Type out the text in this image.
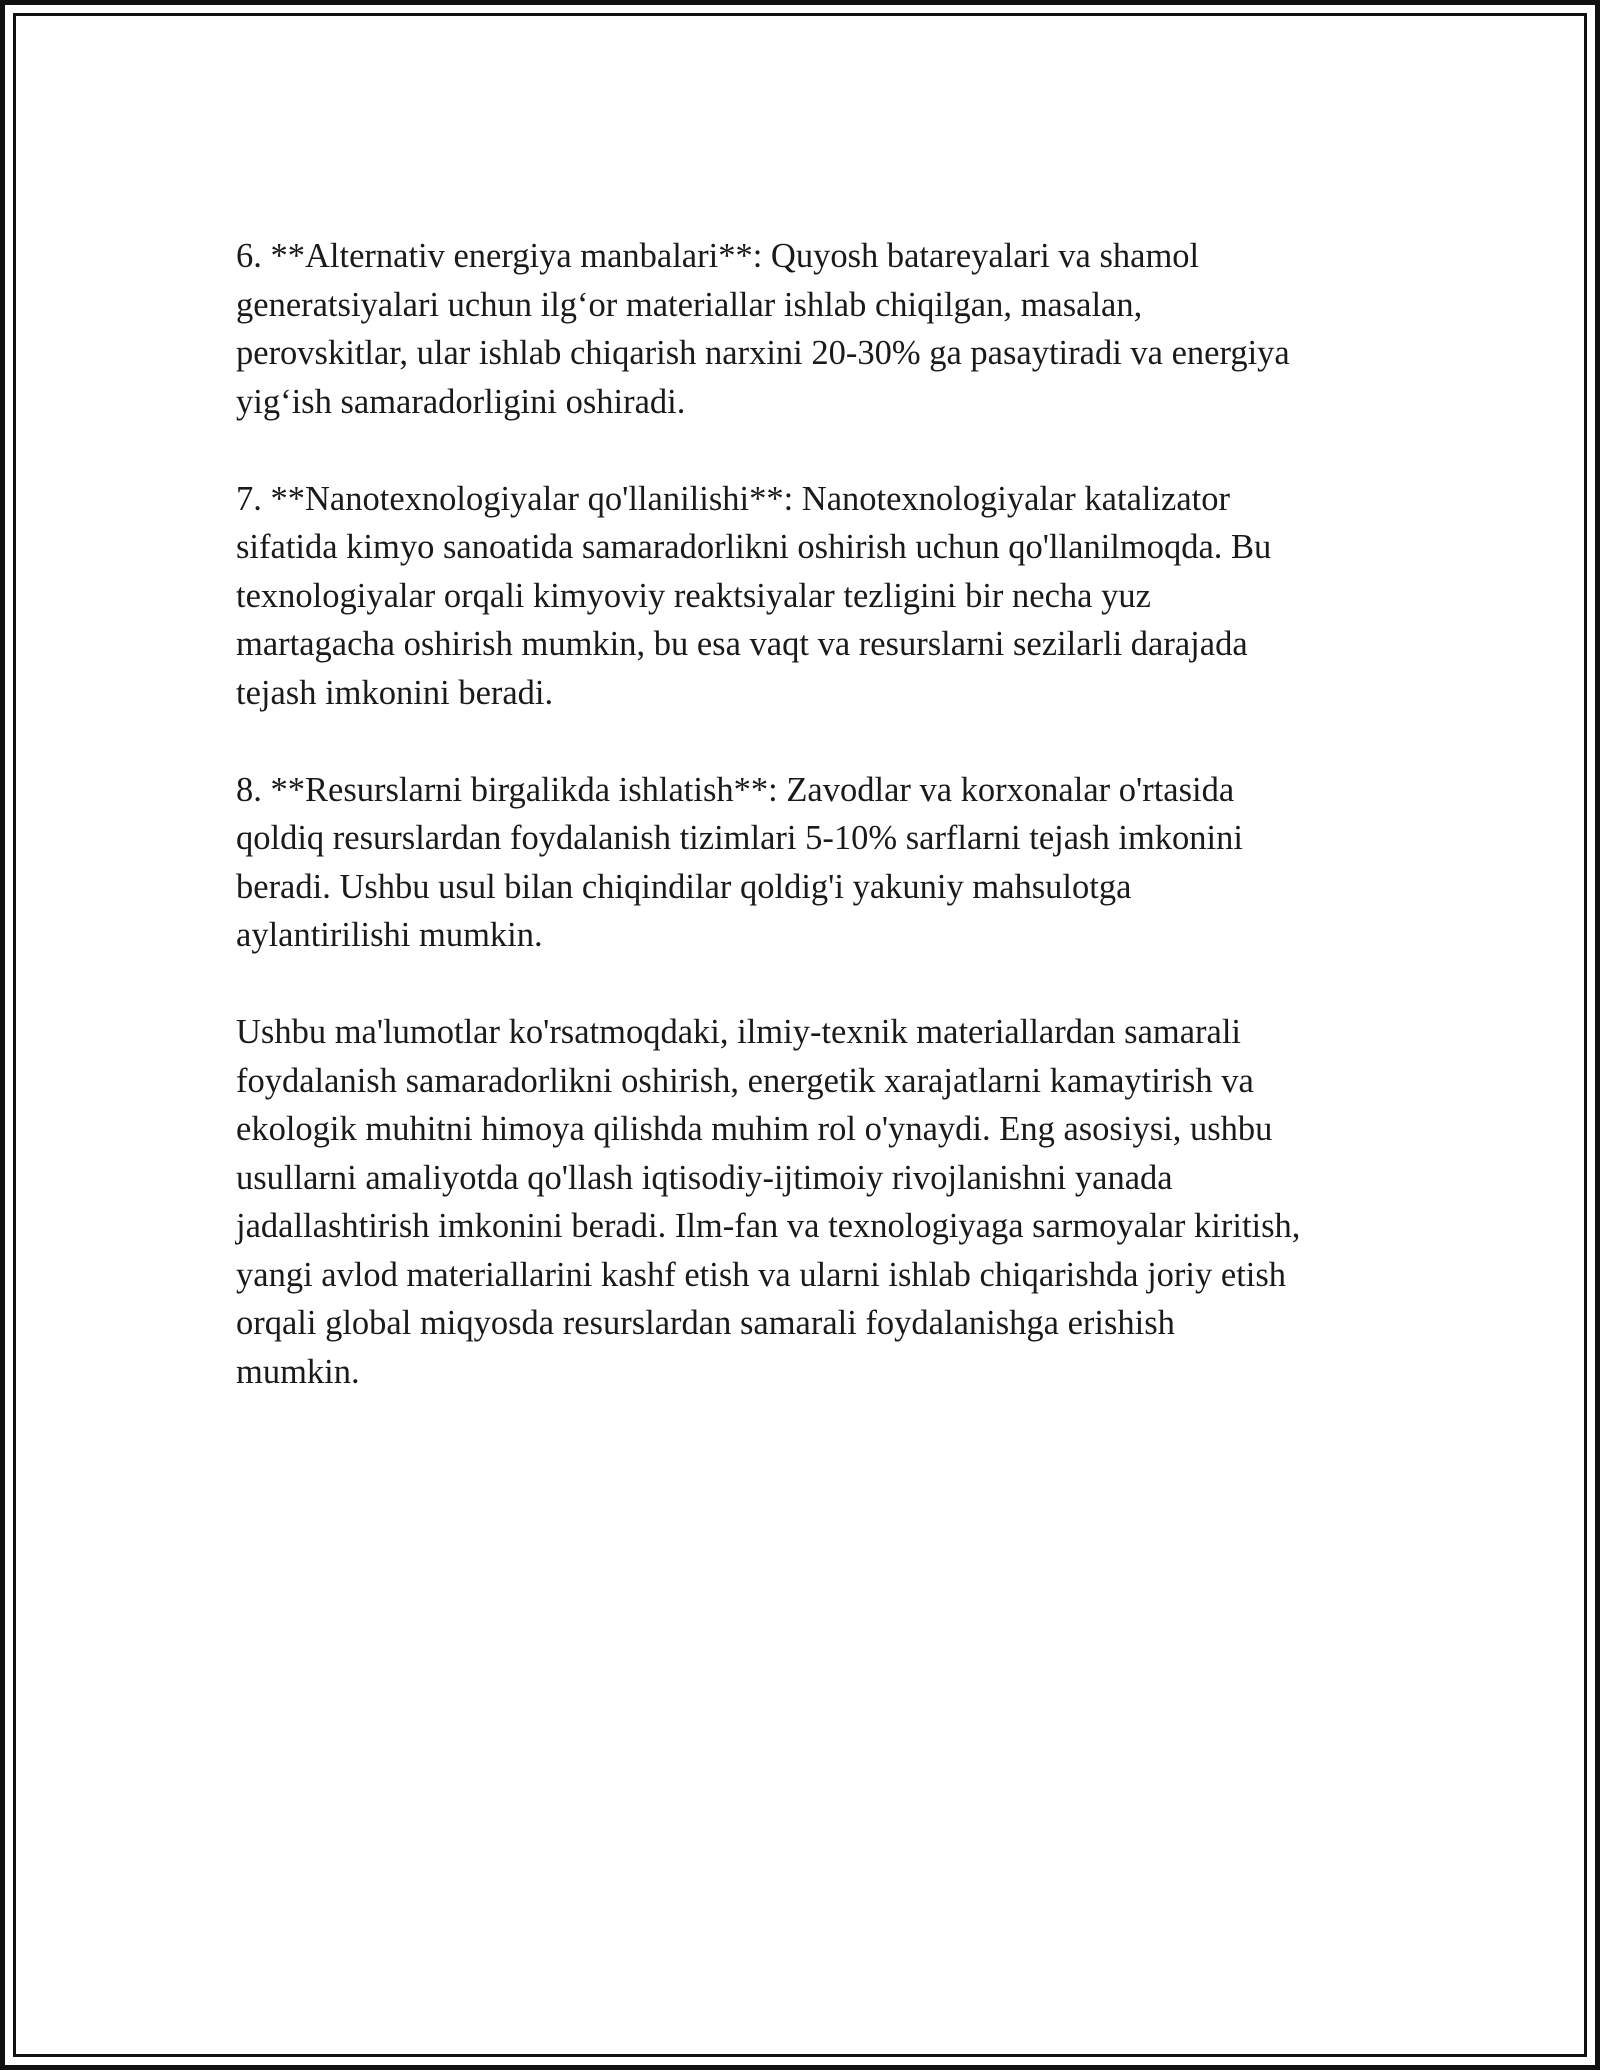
6. **Alternativ energiya manbalari**: Quyosh batareyalari va shamol
generatsiyalari uchun ilg‘or materiallar ishlab chiqilgan, masalan,
perovskitlar, ular ishlab chiqarish narxini 20-30% ga pasaytiradi va energiya
yig‘ish samaradorligini oshiradi.

7. **Nanotexnologiyalar qo'llanilishi**: Nanotexnologiyalar katalizator
sifatida kimyo sanoatida samaradorlikni oshirish uchun qo'llanilmoqda. Bu
texnologiyalar orqali kimyoviy reaktsiyalar tezligini bir necha yuz
martagacha oshirish mumkin, bu esa vaqt va resurslarni sezilarli darajada
tejash imkonini beradi.

8. **Resurslarni birgalikda ishlatish**: Zavodlar va korxonalar o'rtasida
qoldiq resurslardan foydalanish tizimlari 5-10% sarflarni tejash imkonini
beradi. Ushbu usul bilan chiqindilar qoldig'i yakuniy mahsulotga
aylantirilishi mumkin.

Ushbu ma'lumotlar ko'rsatmoqdaki, ilmiy-texnik materiallardan samarali
foydalanish samaradorlikni oshirish, energetik xarajatlarni kamaytirish va
ekologik muhitni himoya qilishda muhim rol o'ynaydi. Eng asosiysi, ushbu
usullarni amaliyotda qo'llash iqtisodiy-ijtimoiy rivojlanishni yanada
jadallashtirish imkonini beradi. Ilm-fan va texnologiyaga sarmoyalar kiritish,
yangi avlod materiallarini kashf etish va ularni ishlab chiqarishda joriy etish
orqali global miqyosda resurslardan samarali foydalanishga erishish
mumkin.
